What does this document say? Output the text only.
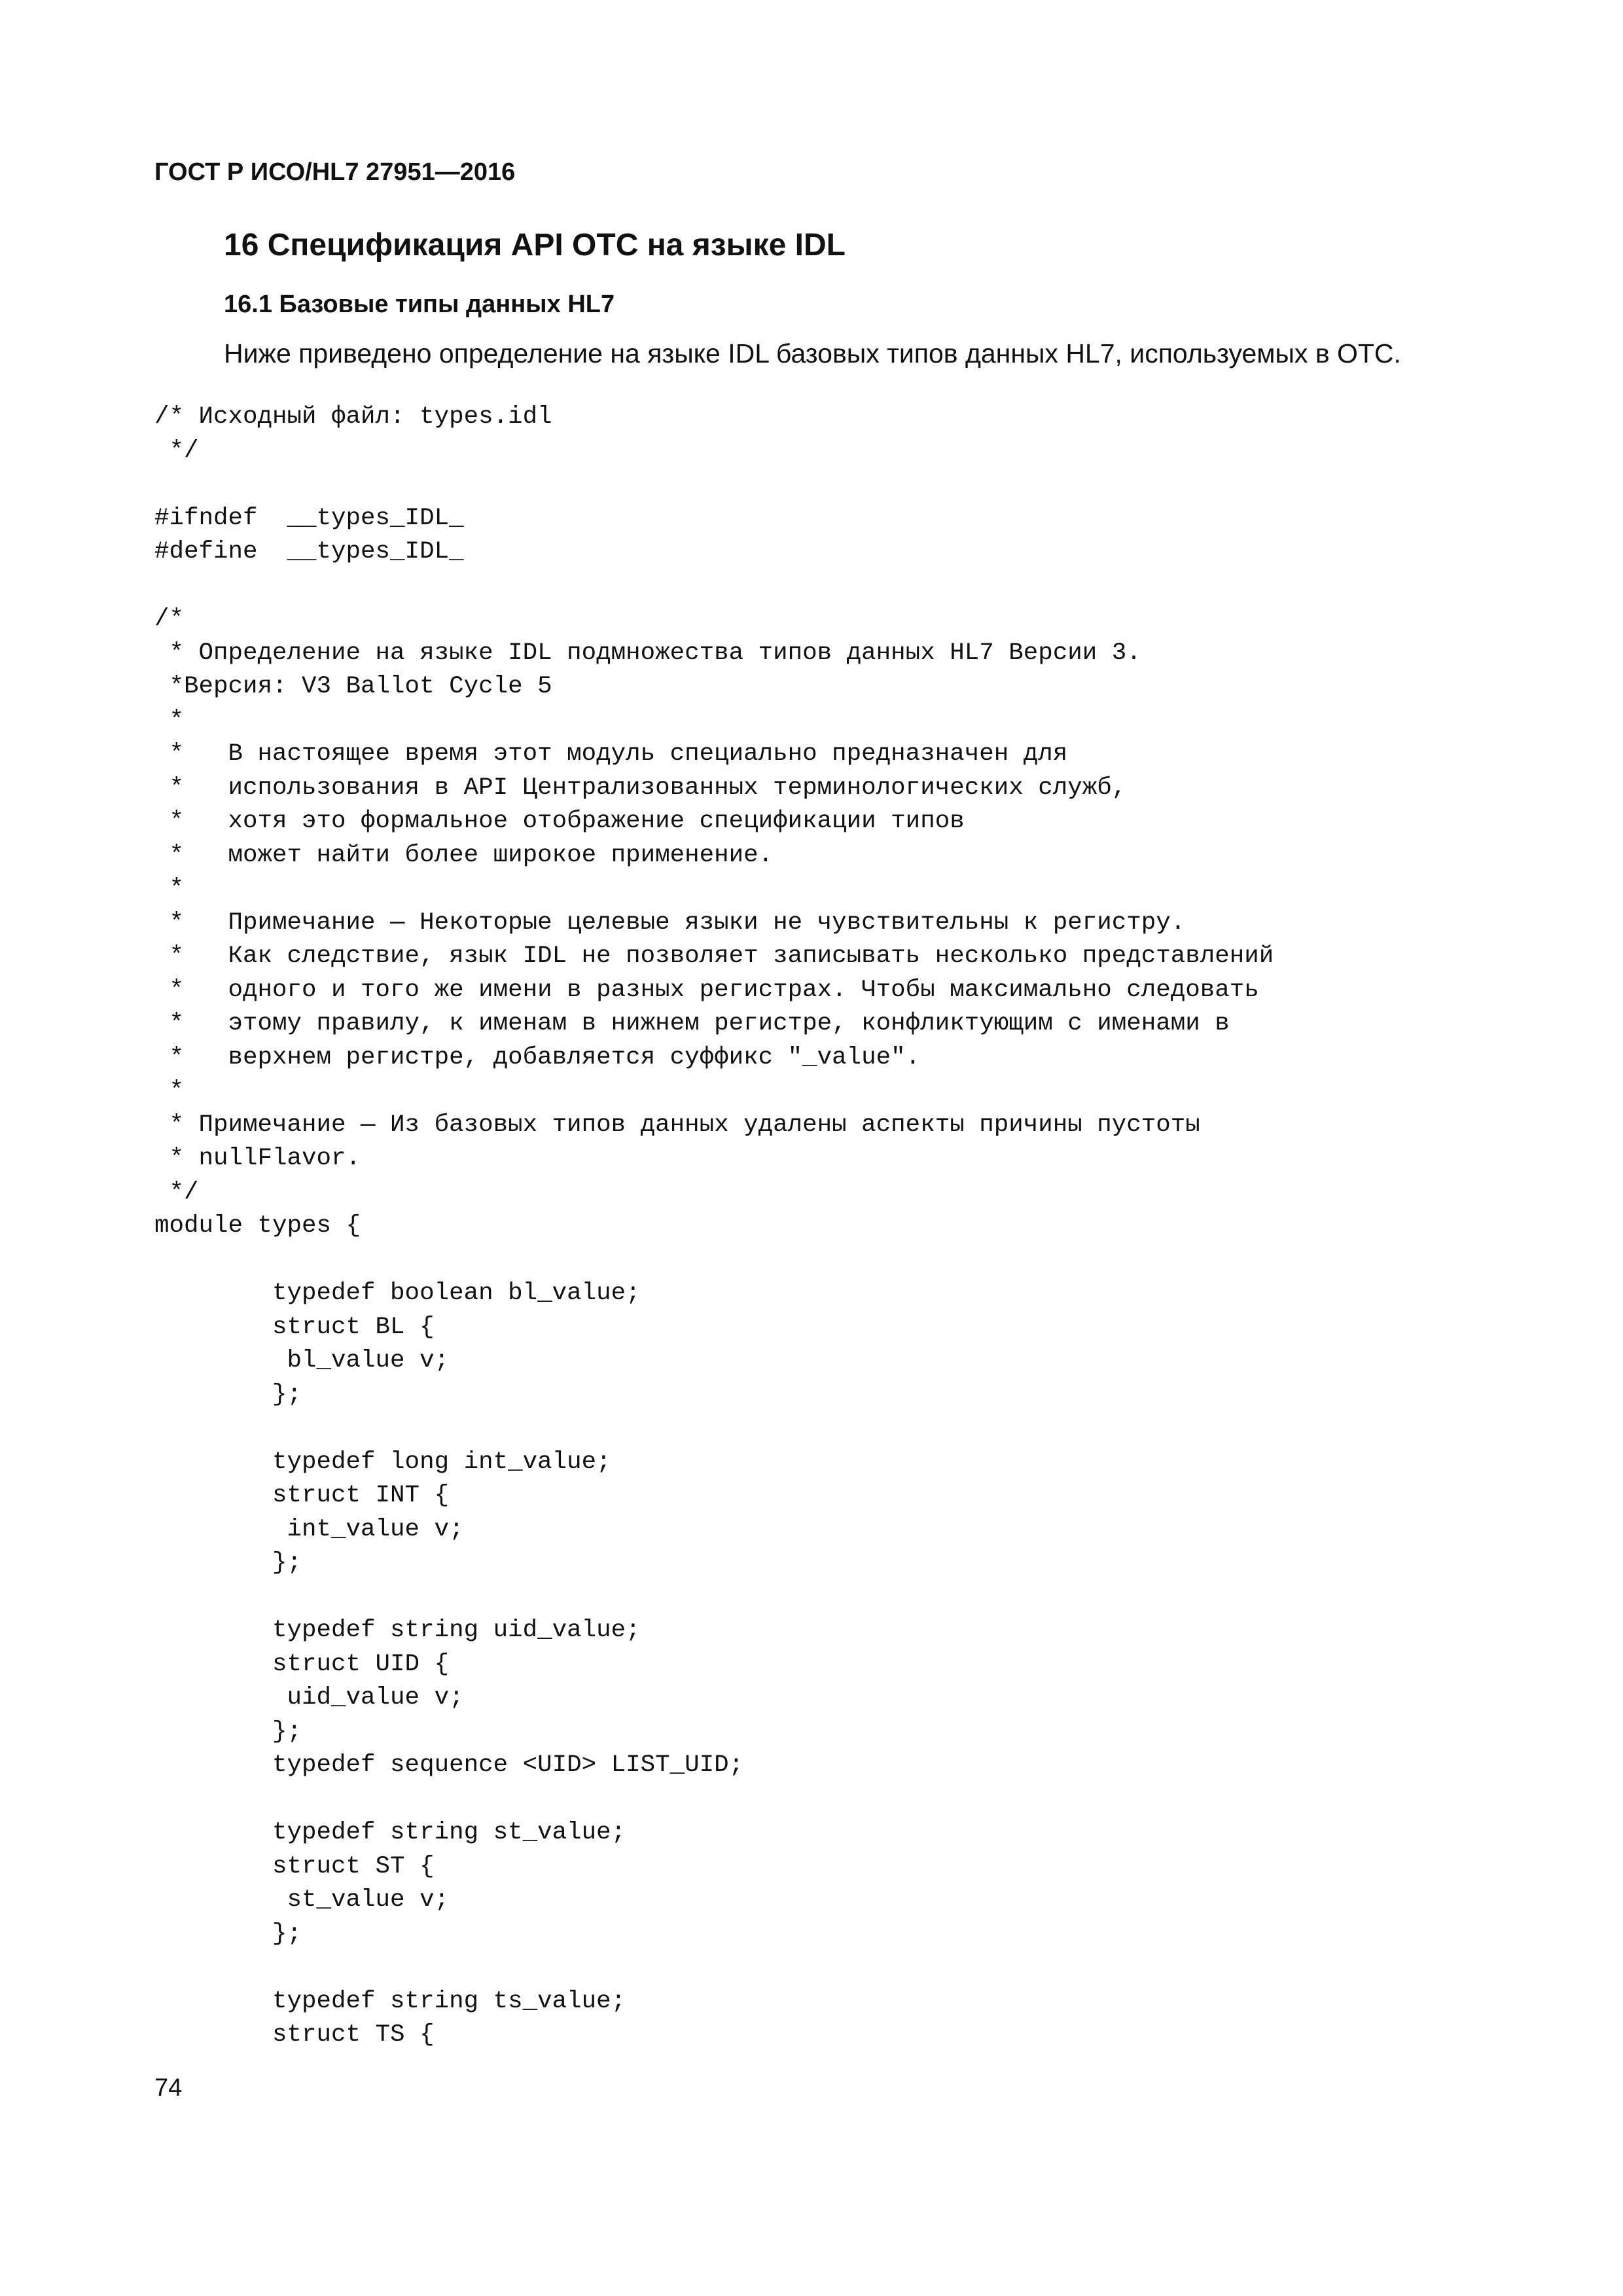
ГОСТ Р ИСО/HL7 27951—2016
16 Спецификация API OTC на языке IDL
16.1 Базовые типы данных HL7

Ниже приведено определение на языке IDL базовых типов данных HL7, используемых в OTC.

/* Исходный файл: types.idl
*/

#ifndef  __types_IDL_
#define  __types_IDL_

/*
* Определение на языке IDL подмножества типов данных HL7 Версии 3.
*Версия: V3 Ballot Cycle 5
*
*   В настоящее время этот модуль специально предназначен для
*   использования в API Централизованных терминологических служб,
*   хотя это формальное отображение спецификации типов
*   может найти более широкое применение.
*
*   Примечание — Некоторые целевые языки не чувствительны к регистру.
*   Как следствие, язык IDL не позволяет записывать несколько представлений
*   одного и того же имени в разных регистрах. Чтобы максимально следовать
*   этому правилу, к именам в нижнем регистре, конфликтующим с именами в
*   верхнем регистре, добавляется суффикс "_value".
*
* Примечание — Из базовых типов данных удалены аспекты причины пустоты
* nullFlavor.
*/
module types {

typedef boolean bl_value;
struct BL {
bl_value v;
};

typedef long int_value;
struct INT {
int_value v;
};

typedef string uid_value;
struct UID {
uid_value v;
};
typedef sequence <UID> LIST_UID;

typedef string st_value;
struct ST {
st_value v;
};

typedef string ts_value;
struct TS {
74
